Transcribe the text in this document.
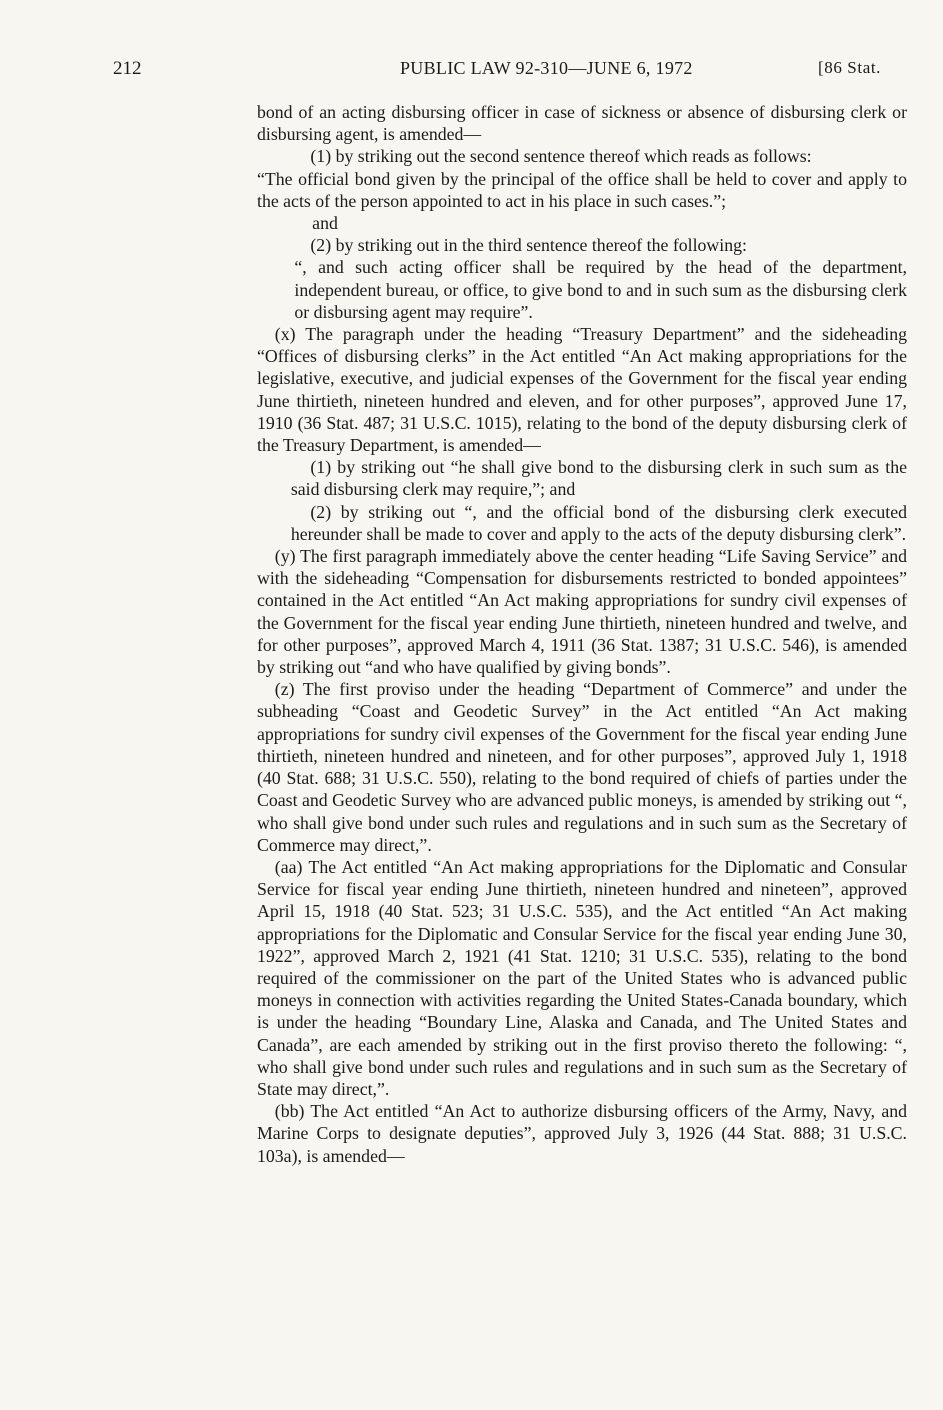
212	PUBLIC LAW 92-310—JUNE 6, 1972	[86 Stat.

bond of an acting disbursing officer in case of sickness or absence of disbursing clerk or disbursing agent, is amended—

(1) by striking out the second sentence thereof which reads as follows:

“The official bond given by the principal of the office shall be held to cover and apply to the acts of the person appointed to act in his place in such cases.”;

and

(2) by striking out in the third sentence thereof the following:

“, and such acting officer shall be required by the head of the department, independent bureau, or office, to give bond to and in such sum as the disbursing clerk or disbursing agent may require”.

(x) The paragraph under the heading “Treasury Department” and the sideheading “Offices of disbursing clerks” in the Act entitled “An Act making appropriations for the legislative, executive, and judicial expenses of the Government for the fiscal year ending June thirtieth, nineteen hundred and eleven, and for other purposes”, approved June 17, 1910 (36 Stat. 487; 31 U.S.C. 1015), relating to the bond of the deputy disbursing clerk of the Treasury Department, is amended—

(1) by striking out “he shall give bond to the disbursing clerk in such sum as the said disbursing clerk may require,”; and

(2) by striking out “, and the official bond of the disbursing clerk executed hereunder shall be made to cover and apply to the acts of the deputy disbursing clerk”.

(y) The first paragraph immediately above the center heading “Life Saving Service” and with the sideheading “Compensation for disbursements restricted to bonded appointees” contained in the Act entitled “An Act making appropriations for sundry civil expenses of the Government for the fiscal year ending June thirtieth, nineteen hundred and twelve, and for other purposes”, approved March 4, 1911 (36 Stat. 1387; 31 U.S.C. 546), is amended by striking out “and who have qualified by giving bonds”.

(z) The first proviso under the heading “Department of Commerce” and under the subheading “Coast and Geodetic Survey” in the Act entitled “An Act making appropriations for sundry civil expenses of the Government for the fiscal year ending June thirtieth, nineteen hundred and nineteen, and for other purposes”, approved July 1, 1918 (40 Stat. 688; 31 U.S.C. 550), relating to the bond required of chiefs of parties under the Coast and Geodetic Survey who are advanced public moneys, is amended by striking out “, who shall give bond under such rules and regulations and in such sum as the Secretary of Commerce may direct,”.

(aa) The Act entitled “An Act making appropriations for the Diplomatic and Consular Service for fiscal year ending June thirtieth, nineteen hundred and nineteen”, approved April 15, 1918 (40 Stat. 523; 31 U.S.C. 535), and the Act entitled “An Act making appropriations for the Diplomatic and Consular Service for the fiscal year ending June 30, 1922”, approved March 2, 1921 (41 Stat. 1210; 31 U.S.C. 535), relating to the bond required of the commissioner on the part of the United States who is advanced public moneys in connection with activities regarding the United States-Canada boundary, which is under the heading “Boundary Line, Alaska and Canada, and The United States and Canada”, are each amended by striking out in the first proviso thereto the following: “, who shall give bond under such rules and regulations and in such sum as the Secretary of State may direct,”.

(bb) The Act entitled “An Act to authorize disbursing officers of the Army, Navy, and Marine Corps to designate deputies”, approved July 3, 1926 (44 Stat. 888; 31 U.S.C. 103a), is amended—
